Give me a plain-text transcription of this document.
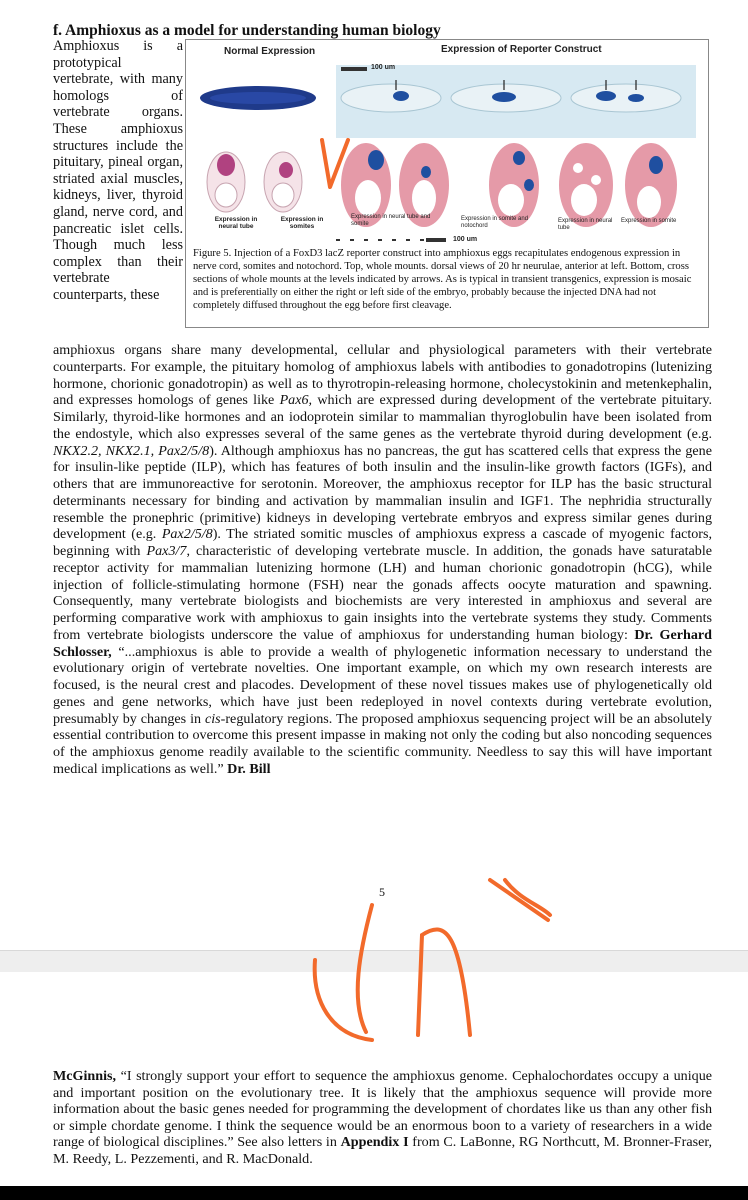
f. Amphioxus as a model for understanding human biology
Amphioxus is a prototypical vertebrate, with many homologs of vertebrate organs. These amphioxus structures include the pituitary, pineal organ, striated axial muscles, kidneys, liver, thyroid gland, nerve cord, and pancreatic islet cells. Though much less complex than their vertebrate counterparts, these
Normal Expression	Expression of Reporter Construct
100 um
Expression in neural tube
Expression in somites
Expression in neural tube and somite
Expression in somite and notochord
Expression in neural tube
Expression in somite
100 um
Figure 5. Injection of a FoxD3 lacZ reporter construct into amphioxus eggs recapitulates endogenous expression in nerve cord, somites and notochord. Top, whole mounts. dorsal views of 20 hr neurulae, anterior at left. Bottom, cross sections of whole mounts at the levels indicated by arrows. As is typical in transient transgenics, expression is mosaic and is preferentially on either the right or left side of the embryo, probably because the injected DNA had not completely diffused throughout the egg before first cleavage.

amphioxus organs share many developmental, cellular and physiological parameters with their vertebrate counterparts. For example, the pituitary homolog of amphioxus labels with antibodies to gonadotropins (lutenizing hormone, chorionic gonadotropin) as well as to thyrotropin-releasing hormone, cholecystokinin and metenkephalin, and expresses homologs of genes like Pax6, which are expressed during development of the vertebrate pituitary. Similarly, thyroid-like hormones and an iodoprotein similar to mammalian thyroglobulin have been isolated from the endostyle, which also expresses several of the same genes as the vertebrate thyroid during development (e.g. NKX2.2, NKX2.1, Pax2/5/8). Although amphioxus has no pancreas, the gut has scattered cells that express the gene for insulin-like peptide (ILP), which has features of both insulin and the insulin-like growth factors (IGFs), and others that are immunoreactive for serotonin. Moreover, the amphioxus receptor for ILP has the basic structural determinants necessary for binding and activation by mammalian insulin and IGF1. The nephridia structurally resemble the pronephric (primitive) kidneys in developing vertebrate embryos and express similar genes during development (e.g. Pax2/5/8). The striated somitic muscles of amphioxus express a cascade of myogenic factors, beginning with Pax3/7, characteristic of developing vertebrate muscle. In addition, the gonads have saturatable receptor activity for mammalian lutenizing hormone (LH) and human chorionic gonadotropin (hCG), while injection of follicle-stimulating hormone (FSH) near the gonads affects oocyte maturation and spawning. Consequently, many vertebrate biologists and biochemists are very interested in amphioxus and several are performing comparative work with amphioxus to gain insights into the vertebrate systems they study. Comments from vertebrate biologists underscore the value of amphioxus for understanding human biology: Dr. Gerhard Schlosser, “...amphioxus is able to provide a wealth of phylogenetic information necessary to understand the evolutionary origin of vertebrate novelties. One important example, on which my own research interests are focused, is the neural crest and placodes. Development of these novel tissues makes use of phylogenetically old genes and gene networks, which have just been redeployed in novel contexts during vertebrate evolution, presumably by changes in cis-regulatory regions. The proposed amphioxus sequencing project will be an absolutely essential contribution to overcome this present impasse in making not only the coding but also noncoding sequences of the amphioxus genome readily available to the scientific community. Needless to say this will have important medical implications as well.” Dr. Bill

5
McGinnis, “I strongly support your effort to sequence the amphioxus genome. Cephalochordates occupy a unique and important position on the evolutionary tree. It is likely that the amphioxus sequence will provide more information about the basic genes needed for programming the development of chordates like us than any other fish or simple chordate genome. I think the sequence would be an enormous boon to a variety of researchers in a wide range of biological disciplines.” See also letters in Appendix I from C. LaBonne, RG Northcutt, M. Bronner-Fraser, M. Reedy, L. Pezzementi, and R. MacDonald.
